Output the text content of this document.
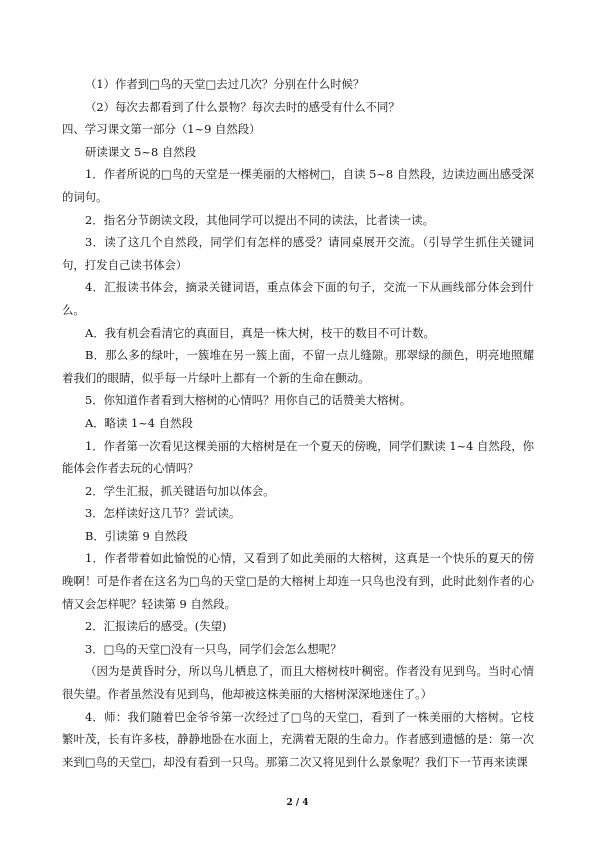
（1）作者到□鸟的天堂□去过几次？分别在什么时候？

（2）每次去都看到了什么景物？每次去时的感受有什么不同？

四、学习课文第一部分（1~9 自然段）

研读课文 5~8 自然段

1．作者所说的□鸟的天堂是一棵美丽的大榕树□，自读 5~8 自然段，边读边画出感受深的词句。

2．指名分节朗读文段，其他同学可以提出不同的读法，比者读一读。

3．读了这几个自然段，同学们有怎样的感受？请同桌展开交流。（引导学生抓住关键词句，打发自己读书体会）

4．汇报读书体会，摘录关键词语，重点体会下面的句子，交流一下从画线部分体会到什么。

A．我有机会看清它的真面目，真是一株大树，枝干的数目不可计数。

B．那么多的绿叶，一簇堆在另一簇上面，不留一点儿缝隙。那翠绿的颜色，明亮地照耀着我们的眼睛，似乎每一片绿叶上都有一个新的生命在颤动。

5．你知道作者看到大榕树的心情吗？用你自己的话赞美大榕树。

A．略读 1~4 自然段

1．作者第一次看见这棵美丽的大榕树是在一个夏天的傍晚，同学们默读 1~4 自然段，你能体会作者去玩的心情吗？

2．学生汇报，抓关键语句加以体会。

3．怎样读好这几节？尝试读。

B．引读第 9 自然段

1．作者带着如此愉悦的心情，又看到了如此美丽的大榕树，这真是一个快乐的夏天的傍晚啊！可是作者在这名为□鸟的天堂□是的大榕树上却连一只鸟也没有到，此时此刻作者的心情又会怎样呢？轻读第 9 自然段。

2．汇报读后的感受。(失望)

3．□鸟的天堂□没有一只鸟，同学们会怎么想呢？

（因为是黄昏时分，所以鸟儿栖息了，而且大榕树枝叶稠密。作者没有见到鸟。当时心情很失望。作者虽然没有见到鸟，他却被这株美丽的大榕树深深地迷住了。）

4．师：我们随着巴金爷爷第一次经过了□鸟的天堂□，看到了一株美丽的大榕树。它枝繁叶茂，长有许多枝，静静地卧在水面上，充满着无限的生命力。作者感到遗憾的是：第一次来到□鸟的天堂□，却没有看到一只鸟。那第二次又将见到什么景象呢？我们下一节再来读课

2 / 4
